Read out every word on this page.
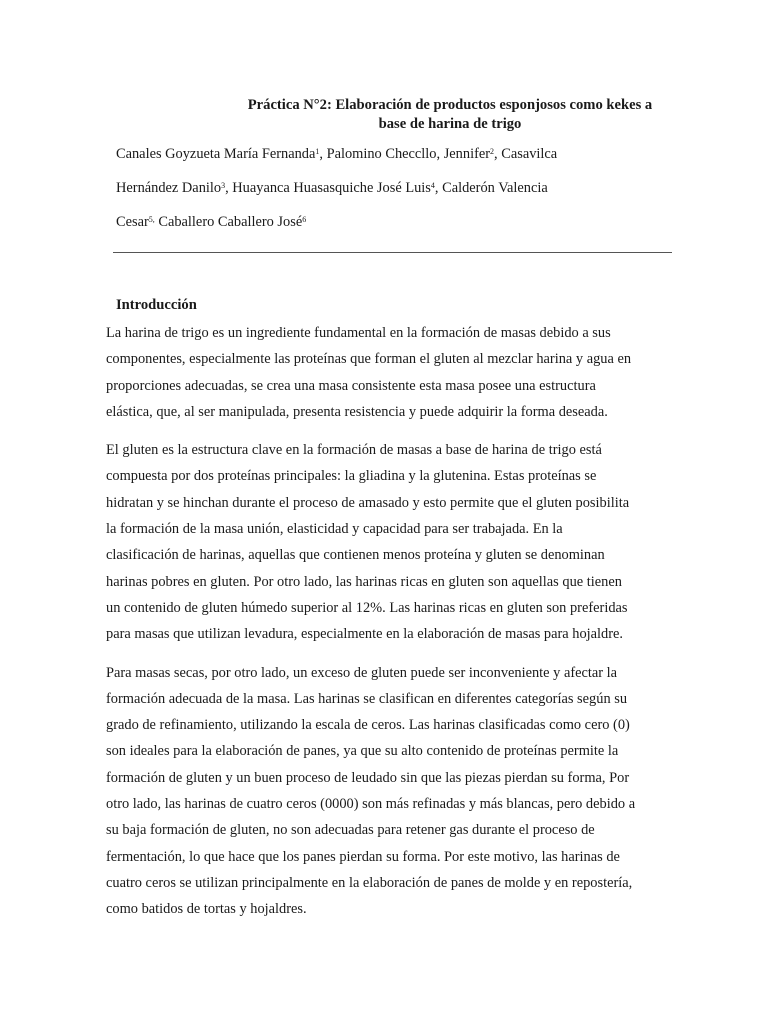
Práctica N°2: Elaboración de productos esponjosos como kekes a
base de harina de trigo
Canales Goyzueta María Fernanda$^1$, Palomino Checcllo, Jennifer$^2$, Casavilca
Hernández Danilo$^3$, Huayanca Huasasquiche José Luis$^4$, Calderón Valencia
Cesar$^{5,}$ Caballero Caballero José$^6$
Introducción

La harina de trigo es un ingrediente fundamental en la formación de masas debido a sus
componentes, especialmente las proteínas que forman el gluten al mezclar harina y agua en
proporciones adecuadas, se crea una masa consistente esta masa posee una estructura
elástica, que, al ser manipulada, presenta resistencia y puede adquirir la forma deseada.

El gluten es la estructura clave en la formación de masas a base de harina de trigo está
compuesta por dos proteínas principales: la gliadina y la glutenina. Estas proteínas se
hidratan y se hinchan durante el proceso de amasado y esto permite que el gluten posibilita
la formación de la masa unión, elasticidad y capacidad para ser trabajada. En la
clasificación de harinas, aquellas que contienen menos proteína y gluten se denominan
harinas pobres en gluten. Por otro lado, las harinas ricas en gluten son aquellas que tienen
un contenido de gluten húmedo superior al 12%. Las harinas ricas en gluten son preferidas
para masas que utilizan levadura, especialmente en la elaboración de masas para hojaldre.

Para masas secas, por otro lado, un exceso de gluten puede ser inconveniente y afectar la
formación adecuada de la masa. Las harinas se clasifican en diferentes categorías según su
grado de refinamiento, utilizando la escala de ceros. Las harinas clasificadas como cero (0)
son ideales para la elaboración de panes, ya que su alto contenido de proteínas permite la
formación de gluten y un buen proceso de leudado sin que las piezas pierdan su forma, Por
otro lado, las harinas de cuatro ceros (0000) son más refinadas y más blancas, pero debido a
su baja formación de gluten, no son adecuadas para retener gas durante el proceso de
fermentación, lo que hace que los panes pierdan su forma. Por este motivo, las harinas de
cuatro ceros se utilizan principalmente en la elaboración de panes de molde y en repostería,
como batidos de tortas y hojaldres.
